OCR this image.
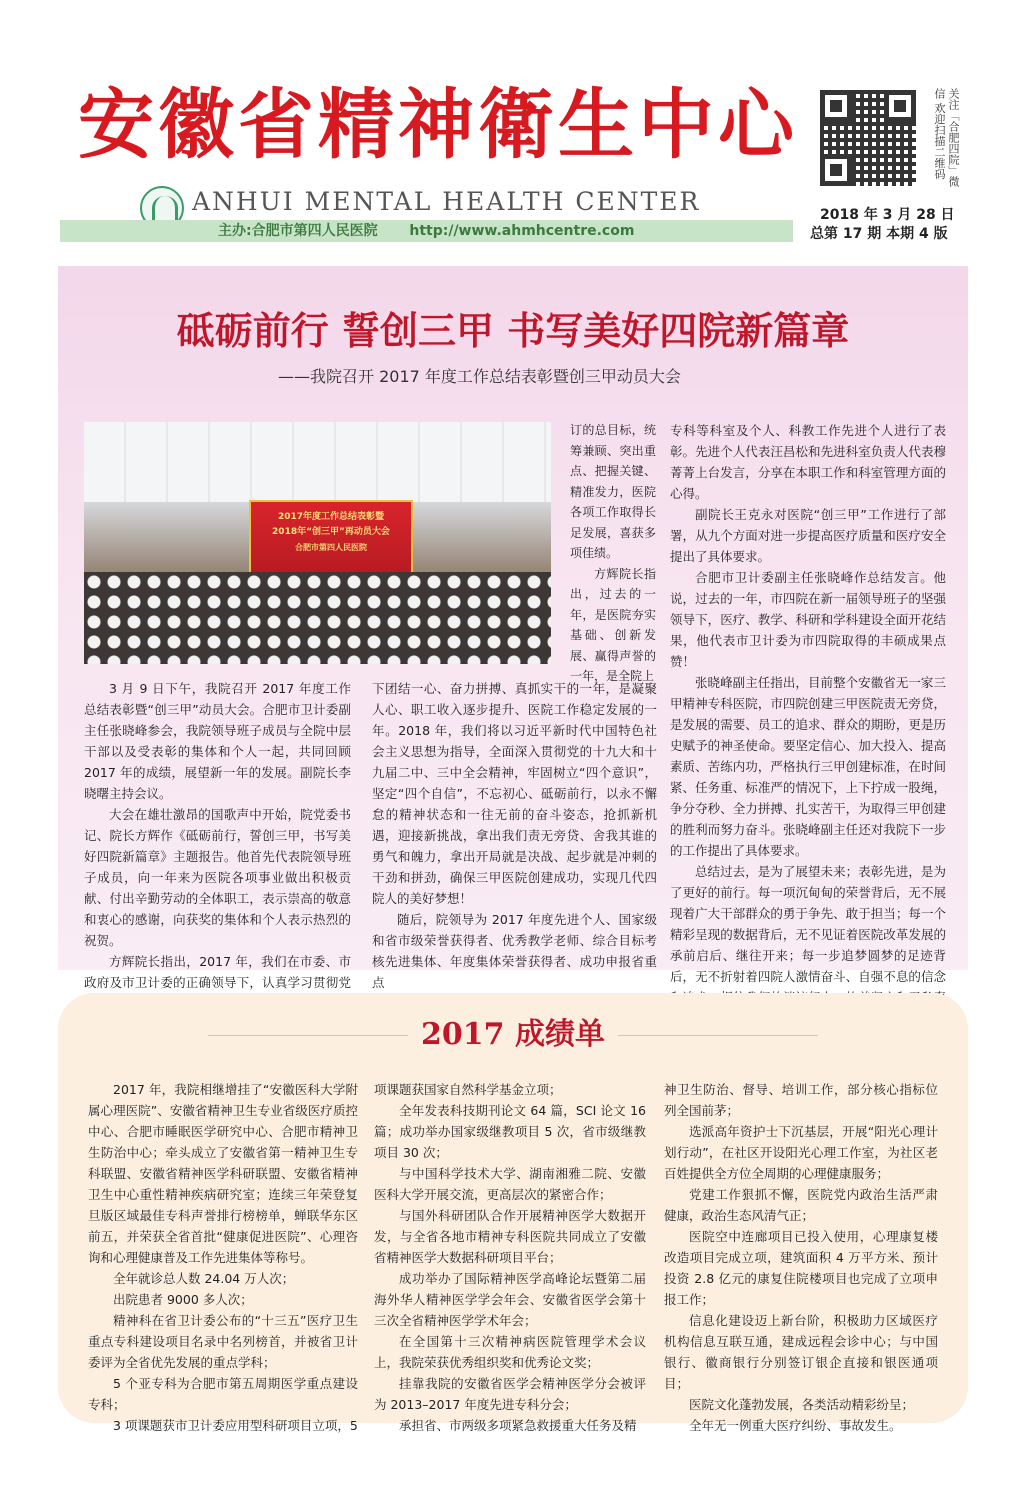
安徽省精神衛生中心
ANHUI MENTAL HEALTH CENTER
主办:合肥市第四人民医院 http://www.ahmhcentre.com
关注「合肥四院」微信 欢迎扫描二维码
2018 年 3 月 28 日
总第 17 期 本期 4 版
砥砺前行 誓创三甲 书写美好四院新篇章
——我院召开 2017 年度工作总结表彰暨创三甲动员大会
2017年度工作总结表彰暨
2018年“创三甲”再动员大会
合肥市第四人民医院

订的总目标，统筹兼顾、突出重点、把握关键、精准发力，医院各项工作取得长足发展，喜获多项佳绩。

方辉院长指出，过去的一年，是医院夯实基础、创新发展、赢得声誉的一年，是全院上

3 月 9 日下午，我院召开 2017 年度工作总结表彰暨“创三甲”动员大会。合肥市卫计委副主任张晓峰参会，我院领导班子成员与全院中层干部以及受表彰的集体和个人一起，共同回顾 2017 年的成绩，展望新一年的发展。副院长李晓曙主持会议。

大会在雄壮激昂的国歌声中开始，院党委书记、院长方辉作《砥砺前行，誓创三甲，书写美好四院新篇章》主题报告。他首先代表院领导班子成员，向一年来为医院各项事业做出积极贡献、付出辛勤劳动的全体职工，表示崇高的敬意和衷心的感谢，向获奖的集体和个人表示热烈的祝贺。

方辉院长指出，2017 年，我们在市委、市政府及市卫计委的正确领导下，认真学习贯彻党

下团结一心、奋力拼搏、真抓实干的一年，是凝聚人心、职工收入逐步提升、医院工作稳定发展的一年。2018 年，我们将以习近平新时代中国特色社会主义思想为指导，全面深入贯彻党的十九大和十九届二中、三中全会精神，牢固树立“四个意识”，坚定“四个自信”，不忘初心、砥砺前行，以永不懈怠的精神状态和一往无前的奋斗姿态，抢抓新机遇，迎接新挑战，拿出我们责无旁贷、舍我其谁的勇气和魄力，拿出开局就是决战、起步就是冲刺的干劲和拼劲，确保三甲医院创建成功，实现几代四院人的美好梦想！

随后，院领导为 2017 年度先进个人、国家级和省市级荣誉获得者、优秀教学老师、综合目标考核先进集体、年度集体荣誉获得者、成功申报省重点

专科等科室及个人、科教工作先进个人进行了表彰。先进个人代表汪昌松和先进科室负责人代表穆菁菁上台发言，分享在本职工作和科室管理方面的心得。

副院长王克永对医院“创三甲”工作进行了部署，从九个方面对进一步提高医疗质量和医疗安全提出了具体要求。

合肥市卫计委副主任张晓峰作总结发言。他说，过去的一年，市四院在新一届领导班子的坚强领导下，医疗、教学、科研和学科建设全面开花结果，他代表市卫计委为市四院取得的丰硕成果点赞！

张晓峰副主任指出，目前整个安徽省无一家三甲精神专科医院，市四院创建三甲医院责无旁贷，是发展的需要、员工的追求、群众的期盼，更是历史赋予的神圣使命。要坚定信心、加大投入、提高素质、苦练内功，严格执行三甲创建标准，在时间紧、任务重、标准严的情况下，上下拧成一股绳，争分夺秒、全力拼搏、扎实苦干，为取得三甲创建的胜利而努力奋斗。张晓峰副主任还对我院下一步的工作提出了具体要求。

总结过去，是为了展望未来；表彰先进，是为了更好的前行。每一项沉甸甸的荣誉背后，无不展现着广大干部群众的勇于争先、敢于担当；每一个精彩呈现的数据背后，无不见证着医院改革发展的承前启后、继往开来；每一步追梦圆梦的足迹背后，无不折射着四院人激情奋斗、自强不息的信念

2017 成绩单

2017 年，我院相继增挂了“安徽医科大学附属心理医院”、安徽省精神卫生专业省级医疗质控中心、合肥市睡眠医学研究中心、合肥市精神卫生防治中心；牵头成立了安徽省第一精神卫生专科联盟、安徽省精神医学科研联盟、安徽省精神卫生中心重性精神疾病研究室；连续三年荣登复旦版区域最佳专科声誉排行榜榜单，蝉联华东区前五，并荣获全省首批“健康促进医院”、心理咨询和心理健康普及工作先进集体等称号。

全年就诊总人数 24.04 万人次；

出院患者 9000 多人次；

精神科在省卫计委公布的“十三五”医疗卫生重点专科建设项目名录中名列榜首，并被省卫计委评为全省优先发展的重点学科；

5 个亚专科为合肥市第五周期医学重点建设专科；

3 项课题获市卫计委应用型科研项目立项，5

项课题获国家自然科学基金立项；

全年发表科技期刊论文 64 篇，SCI 论文 16 篇；成功举办国家级继教项目 5 次，省市级继教项目 30 次；

与中国科学技术大学、湖南湘雅二院、安徽医科大学开展交流，更高层次的紧密合作；

与国外科研团队合作开展精神医学大数据开发，与全省各地市精神专科医院共同成立了安徽省精神医学大数据科研项目平台；

成功举办了国际精神医学高峰论坛暨第二届海外华人精神医学学会年会、安徽省医学会第十三次全省精神医学学术年会；

在全国第十三次精神病医院管理学术会议上，我院荣获优秀组织奖和优秀论文奖；

挂靠我院的安徽省医学会精神医学分会被评为 2013–2017 年度先进专科分会；

承担省、市两级多项紧急救援重大任务及精

神卫生防治、督导、培训工作，部分核心指标位列全国前茅；

选派高年资护士下沉基层，开展“阳光心理计划行动”，在社区开设阳光心理工作室，为社区老百姓提供全方位全周期的心理健康服务；

党建工作狠抓不懈，医院党内政治生活严肃健康，政治生态风清气正；

医院空中连廊项目已投入使用，心理康复楼改造项目完成立项，建筑面积 4 万平方米、预计投资 2.8 亿元的康复住院楼项目也完成了立项申报工作；

信息化建设迈上新台阶，积极助力区域医疗机构信息互联互通，建成远程会诊中心；与中国银行、徽商银行分别签订银企直接和银医通项目；

医院文化蓬勃发展，各类活动精彩纷呈；

全年无一例重大医疗纠纷、事故发生。
